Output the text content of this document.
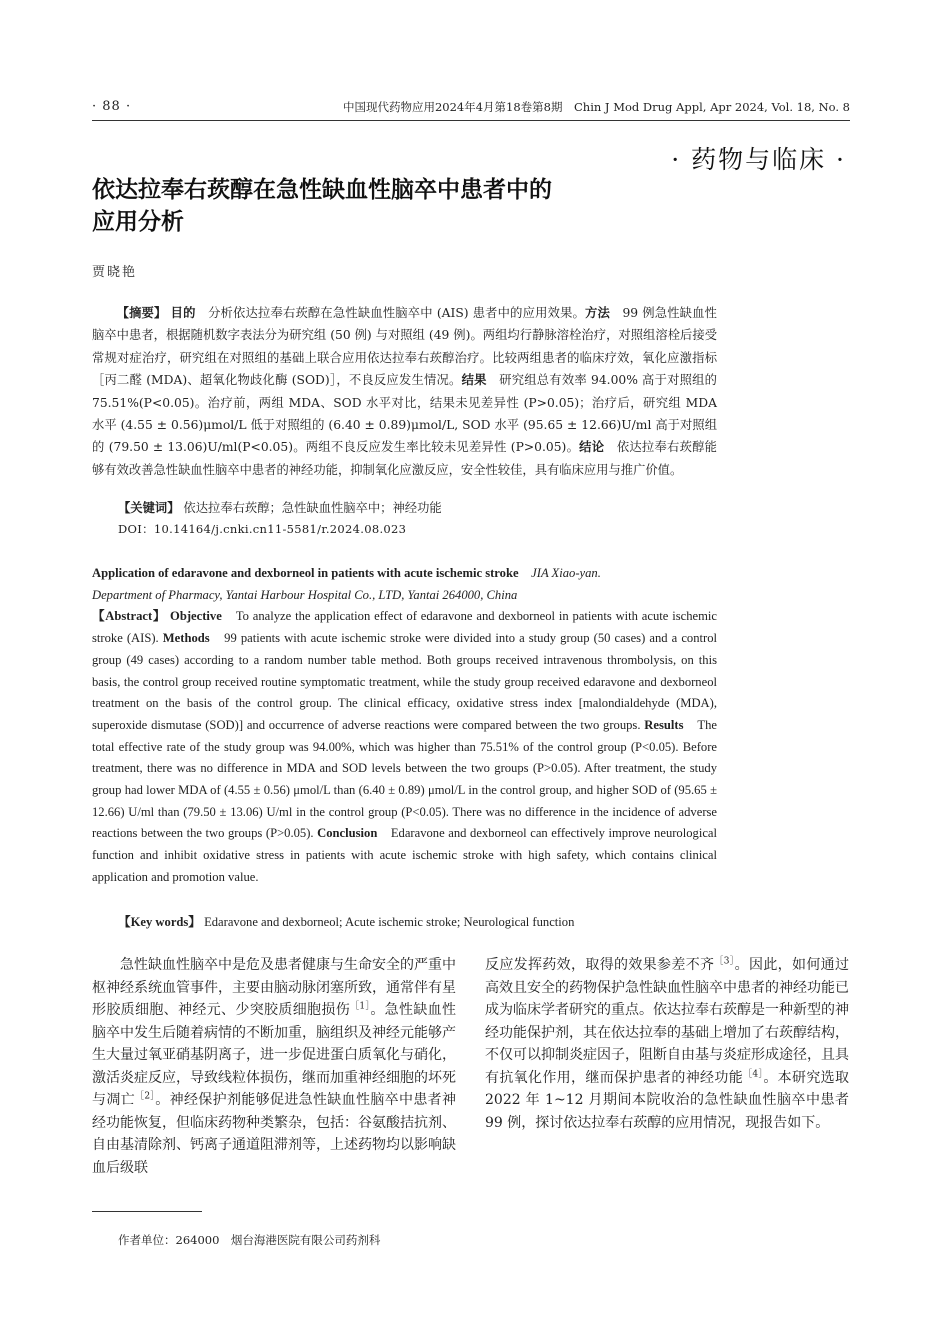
· 88 ·	中国现代药物应用2024年4月第18卷第8期　Chin J Mod Drug Appl, Apr 2024, Vol. 18, No. 8
· 药物与临床 ·
依达拉奉右莰醇在急性缺血性脑卒中患者中的
应用分析
贾晓艳
【摘要】 目的　 分析依达拉奉右莰醇在急性缺血性脑卒中 (AIS) 患者中的应用效果。方法　 99 例急性缺血性脑卒中患者，根据随机数字表法分为研究组 (50 例) 与对照组 (49 例)。两组均行静脉溶栓治疗，对照组溶栓后接受常规对症治疗，研究组在对照组的基础上联合应用依达拉奉右莰醇治疗。比较两组患者的临床疗效，氧化应激指标［丙二醛 (MDA)、超氧化物歧化酶 (SOD)］，不良反应发生情况。结果　 研究组总有效率 94.00% 高于对照组的 75.51%(P<0.05)。治疗前，两组 MDA、SOD 水平对比，结果未见差异性 (P>0.05)；治疗后，研究组 MDA 水平 (4.55 ± 0.56)μmol/L 低于对照组的 (6.40 ± 0.89)μmol/L, SOD 水平 (95.65 ± 12.66)U/ml 高于对照组的 (79.50 ± 13.06)U/ml(P<0.05)。两组不良反应发生率比较未见差异性 (P>0.05)。结论　 依达拉奉右莰醇能够有效改善急性缺血性脑卒中患者的神经功能，抑制氧化应激反应，安全性较佳，具有临床应用与推广价值。
【关键词】 依达拉奉右莰醇；急性缺血性脑卒中；神经功能
DOI：10.14164/j.cnki.cn11-5581/r.2024.08.023
Application of edaravone and dexborneol in patients with acute ischemic stroke　 JIA Xiao-yan.
Department of Pharmacy, Yantai Harbour Hospital Co., LTD, Yantai 264000, China
【Abstract】 Objective　 To analyze the application effect of edaravone and dexborneol in patients with acute ischemic stroke (AIS). Methods　 99 patients with acute ischemic stroke were divided into a study group (50 cases) and a control group (49 cases) according to a random number table method. Both groups received intravenous thrombolysis, on this basis, the control group received routine symptomatic treatment, while the study group received edaravone and dexborneol treatment on the basis of the control group. The clinical efficacy, oxidative stress index [malondialdehyde (MDA), superoxide dismutase (SOD)] and occurrence of adverse reactions were compared between the two groups. Results　 The total effective rate of the study group was 94.00%, which was higher than 75.51% of the control group (P<0.05). Before treatment, there was no difference in MDA and SOD levels between the two groups (P>0.05). After treatment, the study group had lower MDA of (4.55 ± 0.56) μmol/L than (6.40 ± 0.89) μmol/L in the control group, and higher SOD of (95.65 ± 12.66) U/ml than (79.50 ± 13.06) U/ml in the control group (P<0.05). There was no difference in the incidence of adverse reactions between the two groups (P>0.05). Conclusion　 Edaravone and dexborneol can effectively improve neurological function and inhibit oxidative stress in patients with acute ischemic stroke with high safety, which contains clinical application and promotion value.
【Key words】 Edaravone and dexborneol; Acute ischemic stroke; Neurological function
急性缺血性脑卒中是危及患者健康与生命安全的严重中枢神经系统血管事件，主要由脑动脉闭塞所致，通常伴有星形胶质细胞、神经元、少突胶质细胞损伤$^{[1]}$。急性缺血性脑卒中发生后随着病情的不断加重，脑组织及神经元能够产生大量过氧亚硝基阴离子，进一步促进蛋白质氧化与硝化，激活炎症反应，导致线粒体损伤，继而加重神经细胞的坏死与凋亡$^{[2]}$。神经保护剂能够促进急性缺血性脑卒中患者神经功能恢复，但临床药物种类繁杂，包括：谷氨酸拮抗剂、自由基清除剂、钙离子通道阻滞剂等，上述药物均以影响缺血后级联
反应发挥药效，取得的效果参差不齐$^{[3]}$。因此，如何通过高效且安全的药物保护急性缺血性脑卒中患者的神经功能已成为临床学者研究的重点。依达拉奉右莰醇是一种新型的神经功能保护剂，其在依达拉奉的基础上增加了右莰醇结构，不仅可以抑制炎症因子，阻断自由基与炎症形成途径，且具有抗氧化作用，继而保护患者的神经功能$^{[4]}$。本研究选取 2022 年 1~12 月期间本院收治的急性缺血性脑卒中患者 99 例，探讨依达拉奉右莰醇的应用情况，现报告如下。
作者单位：264000　烟台海港医院有限公司药剂科
